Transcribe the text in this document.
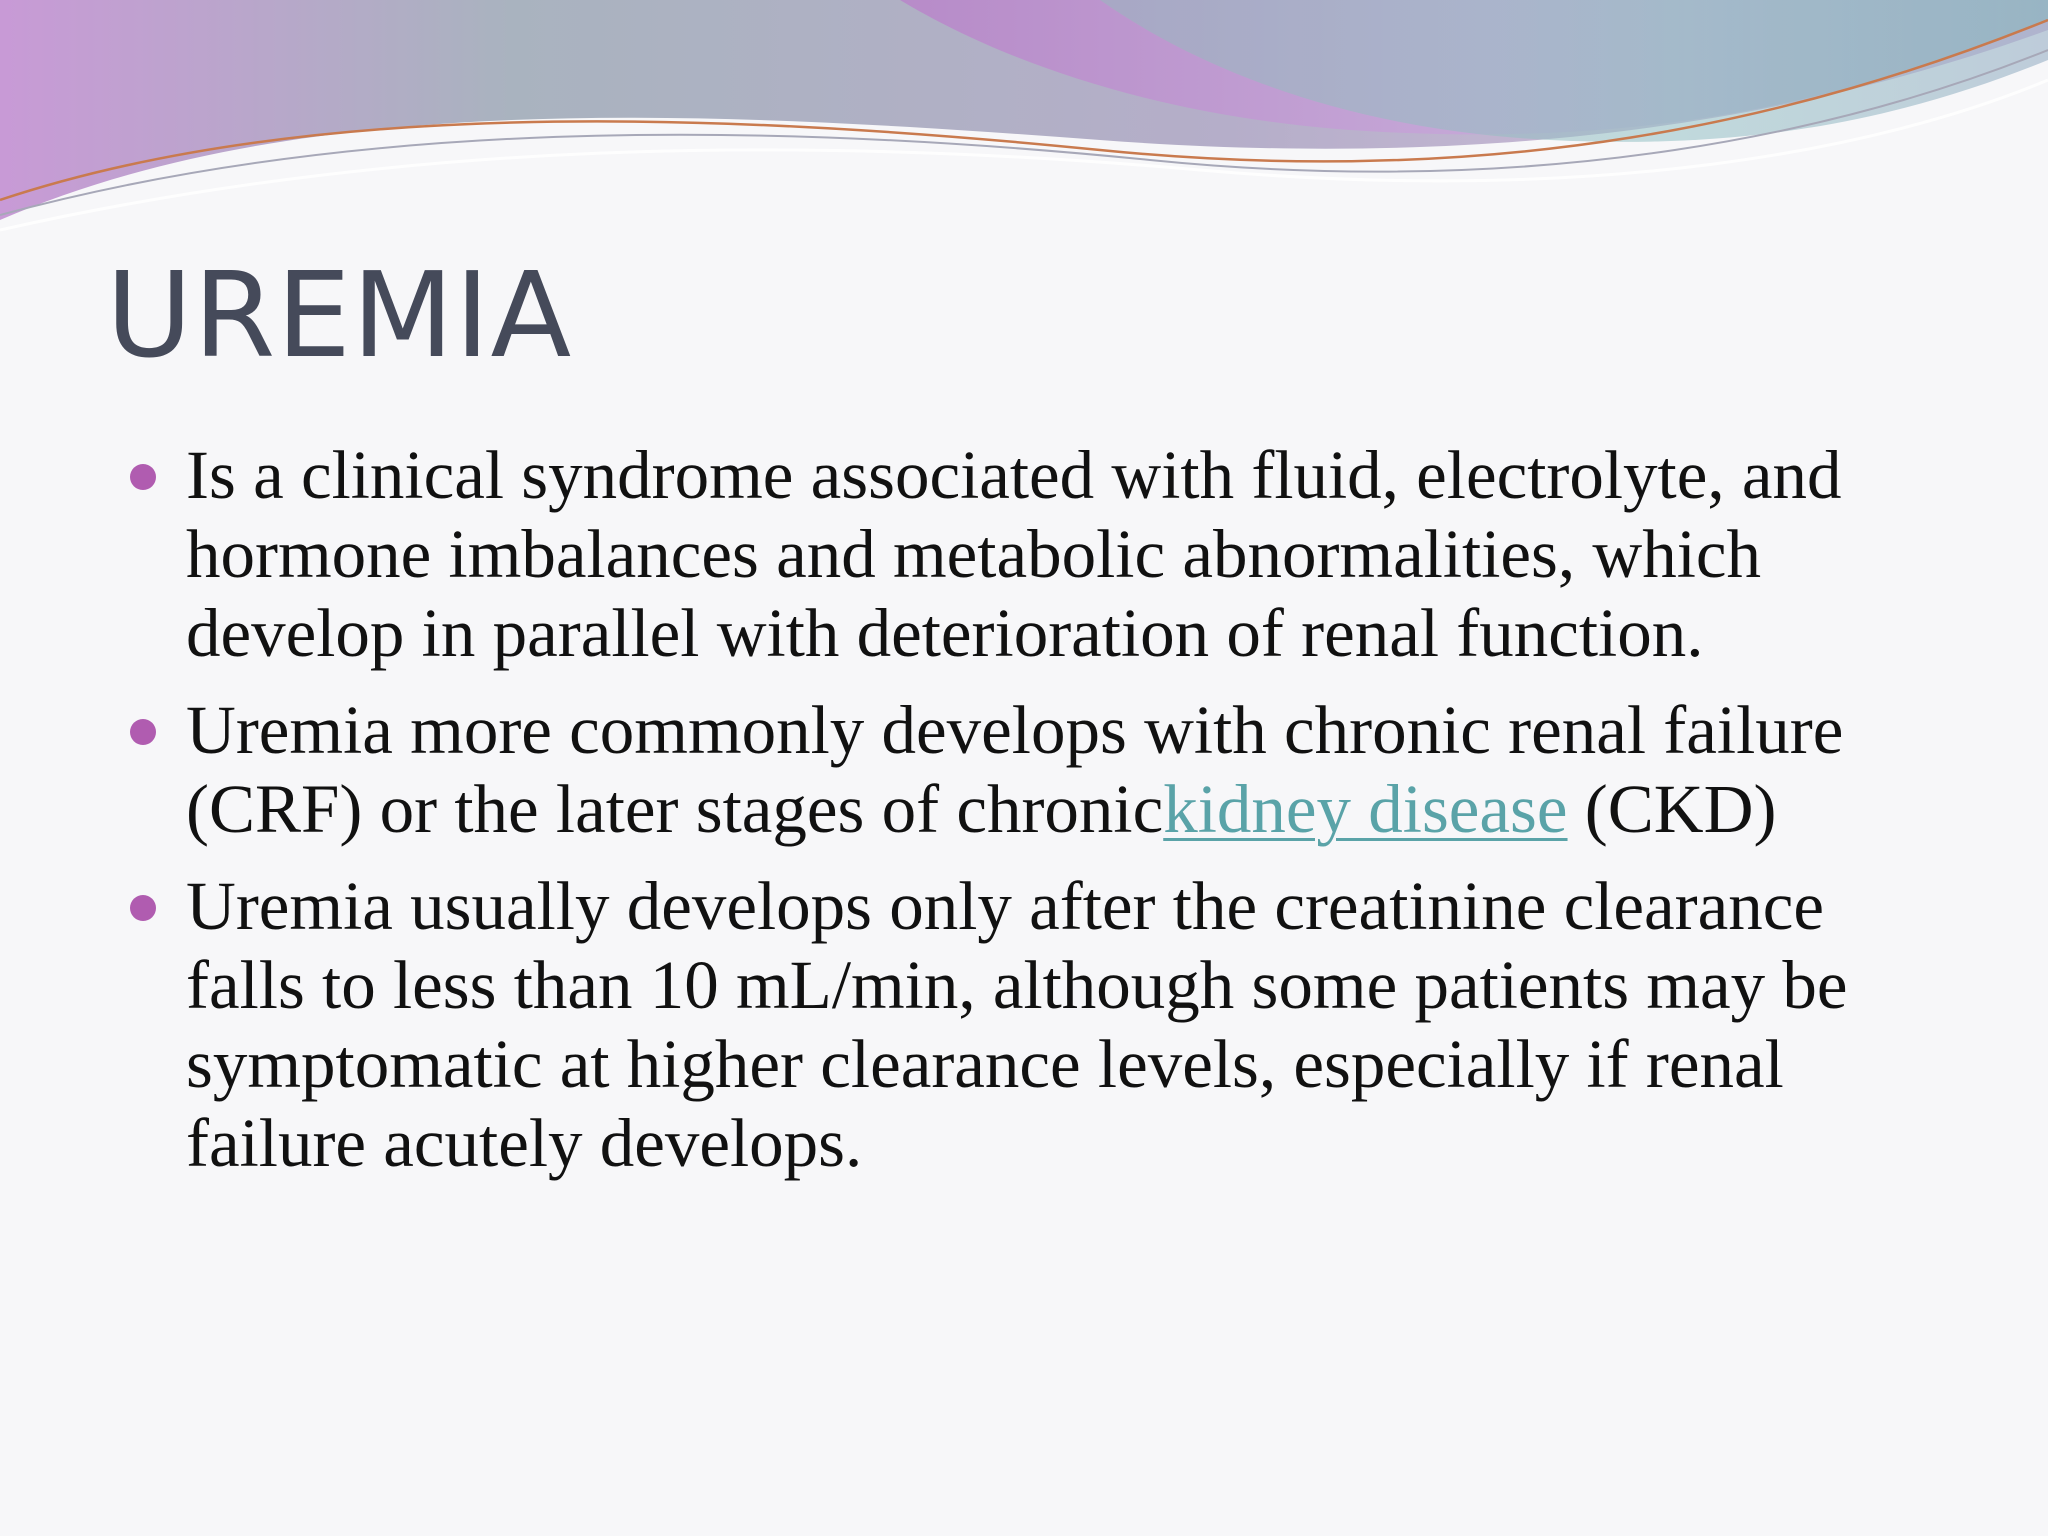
UREMIA
Is a clinical syndrome associated with fluid, electrolyte, and hormone imbalances and metabolic abnormalities, which develop in parallel with deterioration of renal function.
Uremia more commonly develops with chronic renal failure (CRF) or the later stages of chronickidney disease (CKD)
Uremia usually develops only after the creatinine clearance falls to less than 10 mL/min, although some patients may be symptomatic at higher clearance levels, especially if renal failure acutely develops.
